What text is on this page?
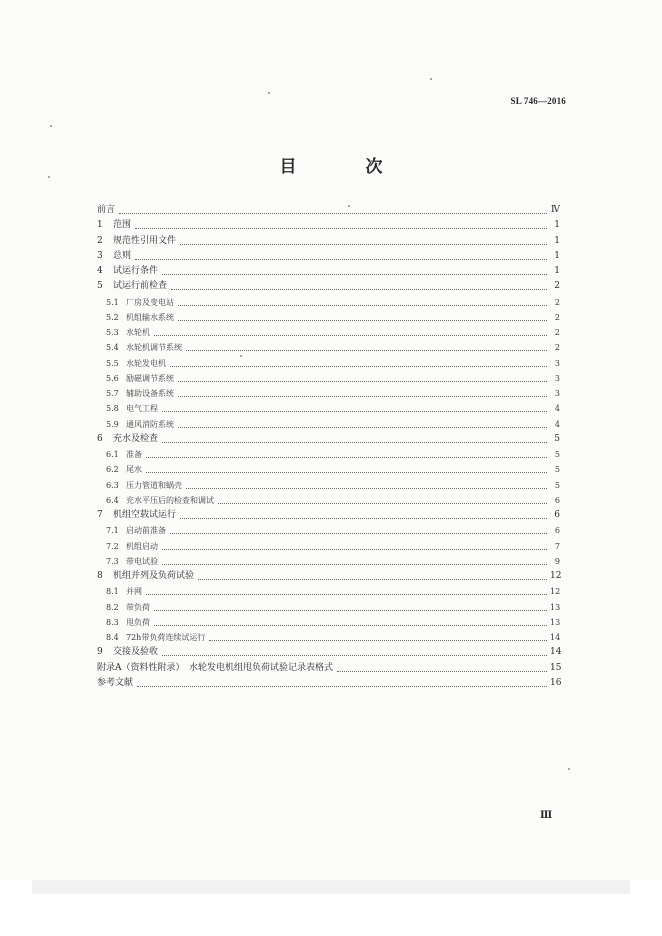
SL 746—2016
目　次
前言	Ⅳ
1	范围	1
2	规范性引用文件	1
3	总则	1
4	试运行条件	1
5	试运行前检查	2
5.1 厂房及变电站	2
5.2 机组输水系统	2
5.3 水轮机	2
5.4 水轮机调节系统	2
5.5 水轮发电机	3
5.6 励磁调节系统	3
5.7 辅助设备系统	3
5.8 电气工程	4
5.9 通风消防系统	4
6	充水及检查	5
6.1 准备	5
6.2 尾水	5
6.3 压力管道和蜗壳	5
6.4 充水平压后的检查和调试	6
7	机组空载试运行	6
7.1 启动前准备	6
7.2 机组启动	7
7.3 带电试验	9
8	机组并列及负荷试验	12
8.1 并网	12
8.2 带负荷	13
8.3 甩负荷	13
8.4 72h带负荷连续试运行	14
9	交接及验收	14
附录A（资料性附录）　水轮发电机组甩负荷试验记录表格式	15
参考文献	16
Ⅲ
